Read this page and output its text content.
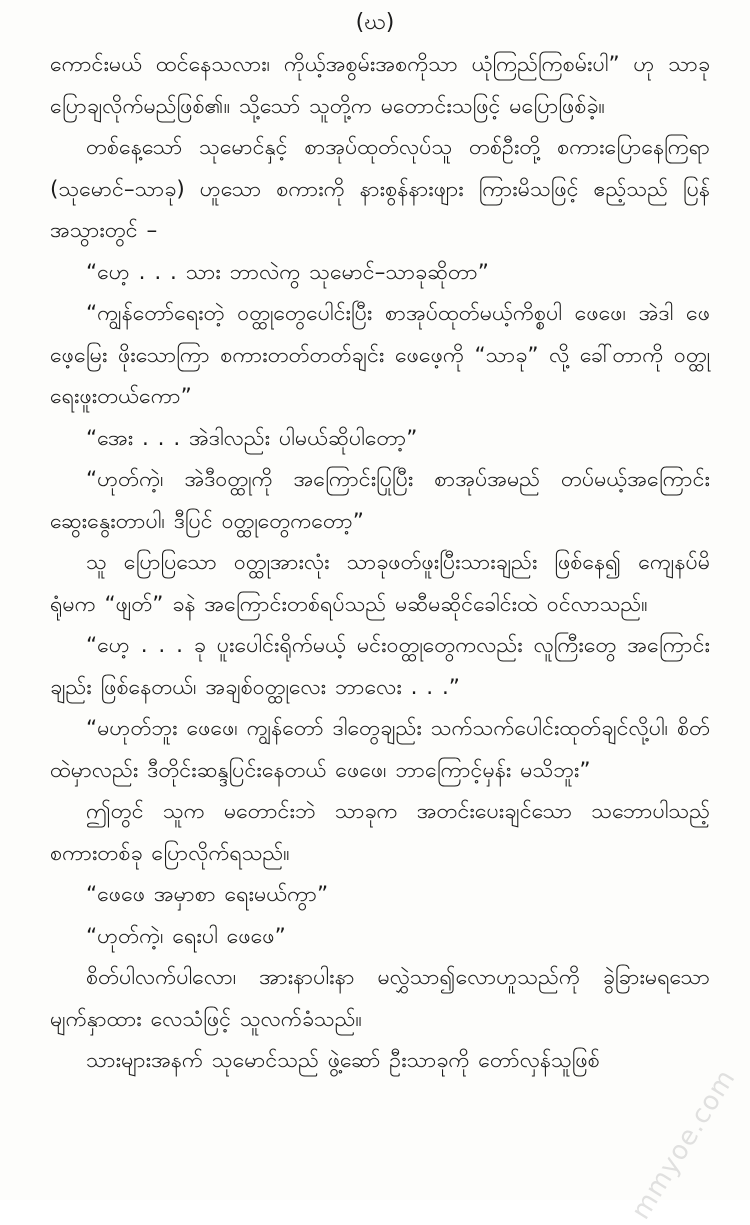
(ဃ)

ကောင်းမယ် ထင်နေသလား၊ ကိုယ့်အစွမ်းအစကိုသာ ယုံကြည်ကြစမ်းပါ” ဟု သာခု ပြောချလိုက်မည်ဖြစ်၏။ သို့သော် သူတို့က မတောင်းသဖြင့် မပြောဖြစ်ခဲ့။

တစ်နေ့သော် သုမောင်နှင့် စာအုပ်ထုတ်လုပ်သူ တစ်ဦးတို့ စကားပြောနေကြရာ (သုမောင်–သာခု) ဟူသော စကားကို နားစွန်နားဖျား ကြားမိသဖြင့် ဧည့်သည် ပြန်အသွားတွင် –

“ဟေ့ . . . သား ဘာလဲကွ သုမောင်–သာခုဆိုတာ”

“ကျွန်တော်ရေးတဲ့ ဝတ္ထုတွေပေါင်းပြီး စာအုပ်ထုတ်မယ့်ကိစ္စပါ ဖေဖေ၊ အဲဒါ ဖေဖေ့မြေး ဖိုးသောကြာ စကားတတ်တတ်ချင်း ဖေဖေ့ကို “သာခု” လို့ ခေါ်တာကို ဝတ္ထုရေးဖူးတယ်ကော”

“အေး . . . အဲဒါလည်း ပါမယ်ဆိုပါတော့”

“ဟုတ်ကဲ့၊ အဲဒီဝတ္ထုကို အကြောင်းပြုပြီး စာအုပ်အမည် တပ်မယ့်အကြောင်း ဆွေးနွေးတာပါ၊ ဒီပြင် ဝတ္ထုတွေကတော့”

သူ ပြောပြသော ဝတ္ထုအားလုံး သာခုဖတ်ဖူးပြီးသားချည်း ဖြစ်နေ၍ ကျေနပ်မိရုံမက “ဖျတ်” ခနဲ အကြောင်းတစ်ရပ်သည် မဆီမဆိုင်ခေါင်းထဲ ဝင်လာသည်။

“ဟေ့ . . . ခု ပူးပေါင်းရိုက်မယ့် မင်းဝတ္ထုတွေကလည်း လူကြီးတွေ အကြောင်းချည်း ဖြစ်နေတယ်၊ အချစ်ဝတ္ထုလေး ဘာလေး . . .”

“မဟုတ်ဘူး ဖေဖေ၊ ကျွန်တော် ဒါတွေချည်း သက်သက်ပေါင်းထုတ်ချင်လို့ပါ၊ စိတ်ထဲမှာလည်း ဒီတိုင်းဆန္ဒပြင်းနေတယ် ဖေဖေ၊ ဘာကြောင့်မှန်း မသိဘူး”

ဤတွင် သူက မတောင်းဘဲ သာခုက အတင်းပေးချင်သော သဘောပါသည့် စကားတစ်ခု ပြောလိုက်ရသည်။

“ဖေဖေ အမှာစာ ရေးမယ်ကွာ”

“ဟုတ်ကဲ့၊ ရေးပါ ဖေဖေ”

စိတ်ပါလက်ပါလော၊ အားနာပါးနာ မလွှဲသာ၍လောဟူသည်ကို ခွဲခြားမရသော မျက်နှာထား လေသံဖြင့် သူလက်ခံသည်။

သားများအနက် သုမောင်သည် ဖွဲ့ဆော် ဦးသာခုကို တော်လှန်သူဖြစ်

mmyoe.com
